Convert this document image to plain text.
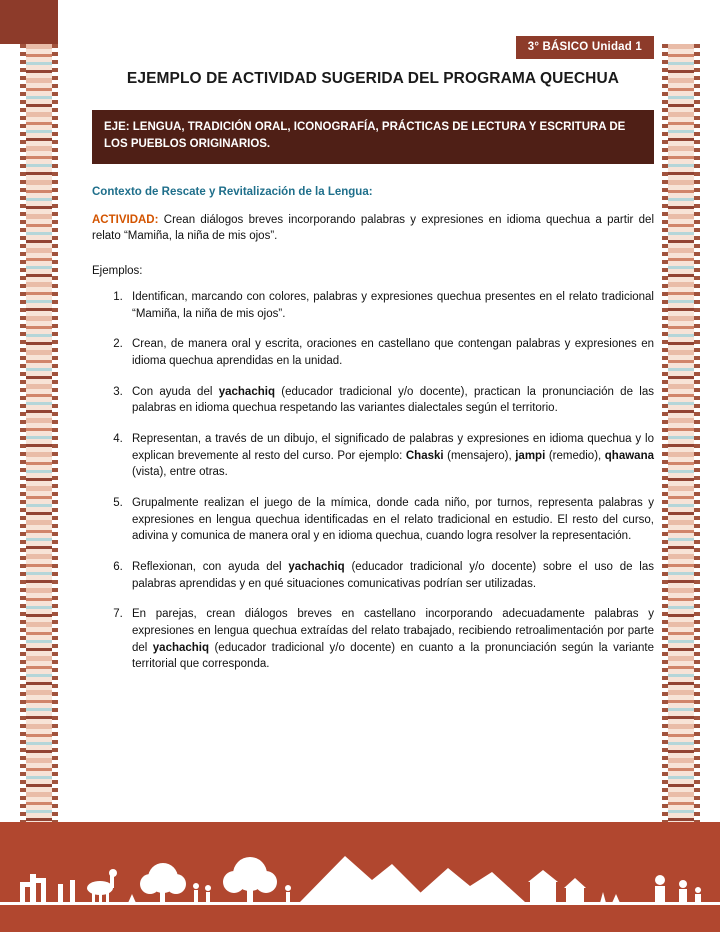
3° BÁSICO Unidad 1
EJEMPLO DE ACTIVIDAD SUGERIDA DEL PROGRAMA QUECHUA
EJE: LENGUA, TRADICIÓN ORAL, ICONOGRAFÍA, PRÁCTICAS DE LECTURA Y ESCRITURA DE LOS PUEBLOS ORIGINARIOS.
Contexto de Rescate y Revitalización de la Lengua:

ACTIVIDAD: Crean diálogos breves incorporando palabras y expresiones en idioma quechua a partir del relato “Mamiña, la niña de mis ojos”.

Ejemplos:
1. Identifican, marcando con colores, palabras y expresiones quechua presentes en el relato tradicional “Mamiña, la niña de mis ojos”.
2. Crean, de manera oral y escrita, oraciones en castellano que contengan palabras y expresiones en idioma quechua aprendidas en la unidad.
3. Con ayuda del yachachiq (educador tradicional y/o docente), practican la pronunciación de las palabras en idioma quechua respetando las variantes dialectales según el territorio.
4. Representan, a través de un dibujo, el significado de palabras y expresiones en idioma quechua y lo explican brevemente al resto del curso. Por ejemplo: Chaski (mensajero), jampi (remedio), qhawana (vista), entre otras.
5. Grupalmente realizan el juego de la mímica, donde cada niño, por turnos, representa palabras y expresiones en lengua quechua identificadas en el relato tradicional en estudio. El resto del curso, adivina y comunica de manera oral y en idioma quechua, cuando logra resolver la representación.
6. Reflexionan, con ayuda del yachachiq (educador tradicional y/o docente) sobre el uso de las palabras aprendidas y en qué situaciones comunicativas podrían ser utilizadas.
7. En parejas, crean diálogos breves en castellano incorporando adecuadamente palabras y expresiones en lengua quechua extraídas del relato trabajado, recibiendo retroalimentación por parte del yachachiq (educador tradicional y/o docente) en cuanto a la pronunciación según la variante territorial que corresponda.
